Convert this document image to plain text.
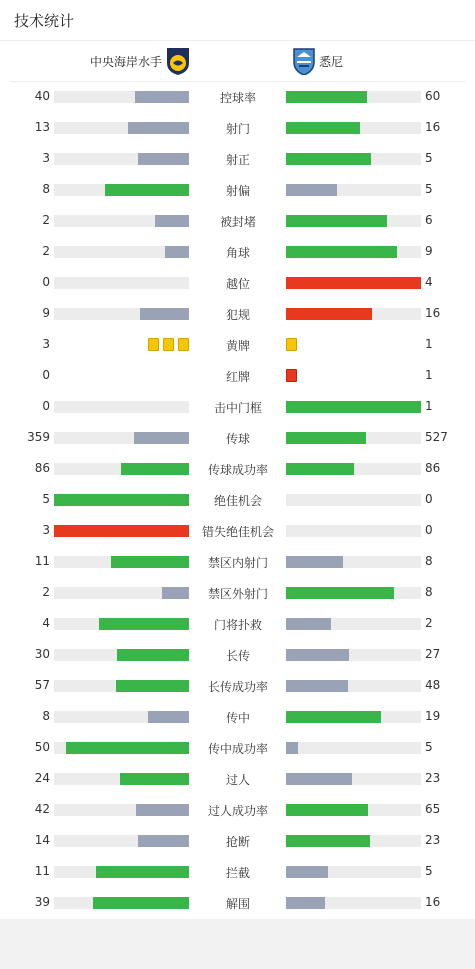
技术统计
中央海岸水手	悉尼
40	控球率	60
13	射门	16
3	射正	5
8	射偏	5
2	被封堵	6
2	角球	9
0	越位	4
9	犯规	16
3	黄牌	1
0	红牌	1
0	击中门框	1
359	传球	527
86	传球成功率	86
5	绝佳机会	0
3	错失绝佳机会	0
11	禁区内射门	8
2	禁区外射门	8
4	门将扑救	2
30	长传	27
57	长传成功率	48
8	传中	19
50	传中成功率	5
24	过人	23
42	过人成功率	65
14	抢断	23
11	拦截	5
39	解围	16
